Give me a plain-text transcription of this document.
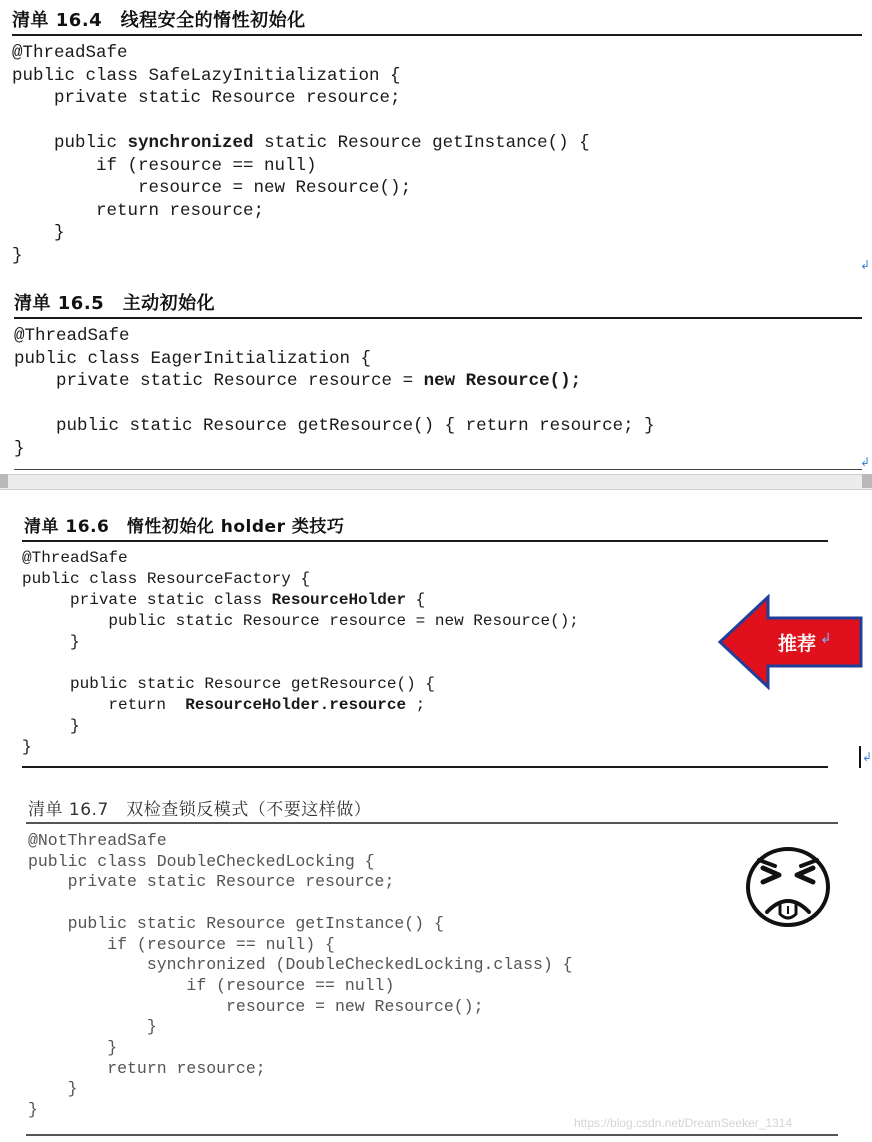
清单 16.4　线程安全的惰性初始化
@ThreadSafe
public class SafeLazyInitialization {
private static Resource resource;

public synchronized static Resource getInstance() {
if (resource == null)
resource = new Resource();
return resource;
}
}	↲
清单 16.5　主动初始化
@ThreadSafe
public class EagerInitialization {
private static Resource resource = new Resource();

public static Resource getResource() { return resource; }
}
↲
清单 16.6　惰性初始化 holder 类技巧
@ThreadSafe
public class ResourceFactory {
private static class ResourceHolder {
public static Resource resource = new Resource();
}

public static Resource getResource() {
return  ResourceHolder.resource ;
}
}
推荐 ↲
↲
清单 16.7　双检查锁反模式（不要这样做）
@NotThreadSafe
public class DoubleCheckedLocking {
private static Resource resource;

public static Resource getInstance() {
if (resource == null) {
synchronized (DoubleCheckedLocking.class) {
if (resource == null)
resource = new Resource();
}
}
return resource;
}
}
https://blog.csdn.net/DreamSeeker_1314
